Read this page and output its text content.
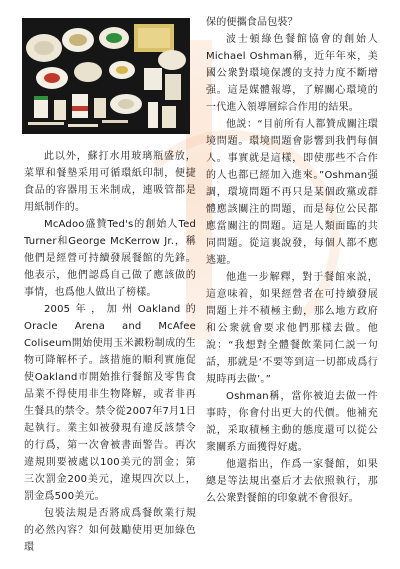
此以外，蘇打水用玻璃瓶盛放，菜單和餐墊采用可循環紙印制，便捷食品的容器用玉米制成，連吸管都是用紙制作的。

McAdoo盛贊Ted's的創始人Ted Turner和George McKerrow Jr.，稱他們是經營可持續發展餐館的先鋒。他表示，他們認爲自己做了應該做的事情，也爲他人做出了榜樣。

2005年，加州Oakland的Oracle Arena and McAfee Coliseum開始使用玉米澱粉制成的生物可降解杯子。該措施的順利實施促使Oakland市開始推行餐館及零售食品業不得使用非生物降解，或者非再生餐具的禁令。禁令從2007年7月1日起執行。業主如被發現有違反該禁令的行爲，第一次會被書面警告。再次違規則要被處以100美元的罰金；第三次罰金200美元，違規四次以上，罰金爲500美元。

包裝法規是否將成爲餐飲業行規的必然內容？如何鼓勵使用更加綠色環

保的便攜食品包裝？

波士頓綠色餐館協會的創始人Michael Oshman稱，近年年來，美國公衆對環境保護的支持力度不斷增强。這是媒體報導，了解關心環境的一代進入領導層綜合作用的結果。

他説：“目前所有人都贊成關注環境問題。環境問題會影響到我們每個人。事實就是這樣，即使那些不合作的人也都已經加入進來。”Oshman强調，環境問題不再只是某個政黨或群體應該關注的問題，而是每位公民都應當關注的問題。這是人類面臨的共同問題。從這裏說發，每個人都不應逃避。

他進一步解釋，對于餐館來説，這意味着，如果經營者在可持續發展問題上并不積極主動，那么地方政府和公衆就會要求他們那樣去做。他說：“我想對全體餐飲業同仁説一句話，那就是‘不要等到這一切都成爲行規時再去做’。”

Oshman稱，當你被迫去做一件事時，你會付出更大的代價。他補充説，采取積極主動的態度還可以從公衆關系方面獲得好處。

他還指出，作爲一家餐館，如果總是等法規出臺后才去依照執行，那么公衆對餐館的印象就不會很好。
